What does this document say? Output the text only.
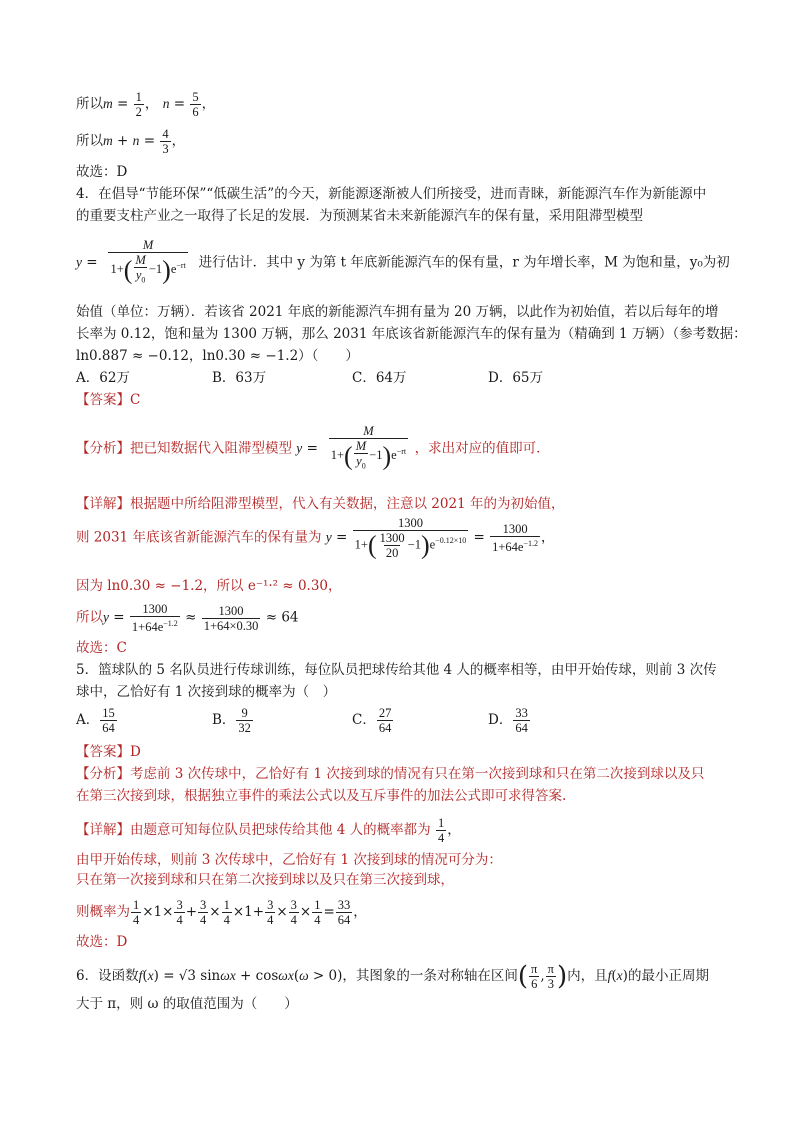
所以$m = \frac{1}{2}$ ， $n = \frac{5}{6}$ ，
所以$m + n = \frac{4}{3}$ ，
故选：D
4．在倡导“节能环保”“低碳生活”的今天，新能源逐渐被人们所接受，进而青睐，新能源汽车作为新能源中
的重要支柱产业之一取得了长足的发展．为预测某省未来新能源汽车的保有量，采用阻滞型模型
$y = \frac{M}{1+( \frac{M}{y_0} -1)e^{-rt}}$ 进行估计．其中 y 为第 t 年底新能源汽车的保有量，r 为年增长率，M 为饱和量，y₀为初
始值（单位：万辆）．若该省 2021 年底的新能源汽车拥有量为 20 万辆，以此作为初始值，若以后每年的增
长率为 0.12，饱和量为 1300 万辆，那么 2031 年底该省新能源汽车的保有量为（精确到 1 万辆）（参考数据：
ln0.887 ≈ −0.12，ln0.30 ≈ −1.2）（　　）
A．62万	B．63万	C．64万	D．65万
【答案】C
【分析】把已知数据代入阻滞型模型 $y = \frac{M}{1+( \frac{M}{y_0} -1)e^{-rt}}$ ，求出对应的值即可．
【详解】根据题中所给阻滞型模型，代入有关数据，注意以 2021 年的为初始值，
则 2031 年底该省新能源汽车的保有量为 $y = \frac{1300}{1+( \frac{1300}{20} -1)e^{-0.12\times 10}} = \frac{1300}{1+64e^{-1.2}}$ ，
因为 ln0.30 ≈ −1.2，所以 e⁻¹·² ≈ 0.30，
所以$y = \frac{1300}{1+64e^{-1.2}} \approx \frac{1300}{1+64\times 0.30} \approx 64$
故选：C
5．篮球队的 5 名队员进行传球训练，每位队员把球传给其他 4 人的概率相等，由甲开始传球，则前 3 次传
球中，乙恰好有 1 次接到球的概率为（　）
A． $\frac{15}{64}$	B． $\frac{9}{32}$	C． $\frac{27}{64}$	D． $\frac{33}{64}$
【答案】D
【分析】考虑前 3 次传球中，乙恰好有 1 次接到球的情况有只在第一次接到球和只在第二次接到球以及只
在第三次接到球，根据独立事件的乘法公式以及互斥事件的加法公式即可求得答案.
【详解】由题意可知每位队员把球传给其他 4 人的概率都为 $\frac{1}{4}$ ，
由甲开始传球，则前 3 次传球中，乙恰好有 1 次接到球的情况可分为：
只在第一次接到球和只在第二次接到球以及只在第三次接到球，
则概率为 $\frac{1}{4} \times 1\times \frac{3}{4} + \frac{3}{4} \times \frac{1}{4} \times 1+ \frac{3}{4} \times \frac{3}{4} \times \frac{1}{4} = \frac{33}{64}$ ，
故选：D
6．设函数f(x) = √3 sinωx + cosωx(ω > 0)，其图象的一条对称轴在区间( $\frac{\pi}{6}$ , $\frac{\pi}{3}$ )内，且f(x)的最小正周期
大于 π，则 ω 的取值范围为（　　）
